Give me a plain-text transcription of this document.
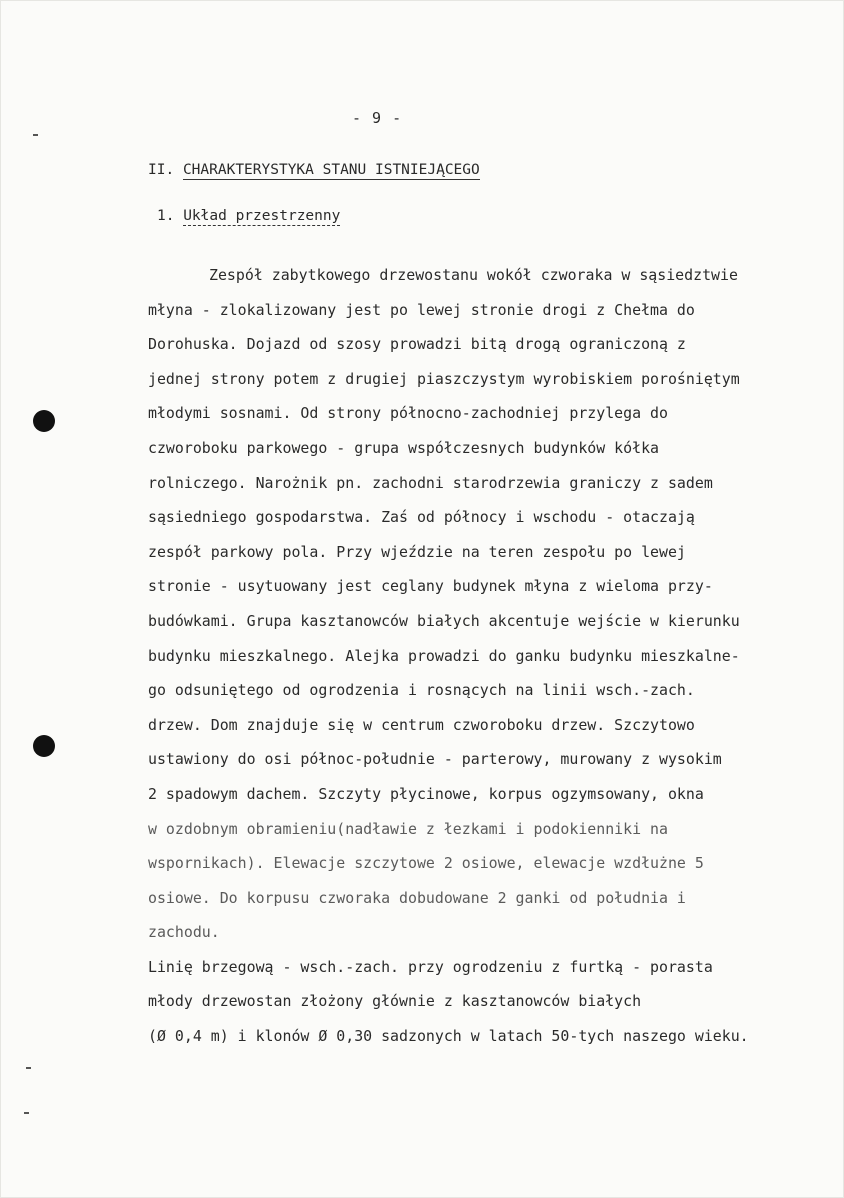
- 9 -
II. CHARAKTERYSTYKA STANU ISTNIEJĄCEGO
1. Układ przestrzenny
Zespół zabytkowego drzewostanu wokół czworaka w sąsiedztwie
młyna - zlokalizowany jest po lewej stronie drogi z Chełma do
Dorohuska. Dojazd od szosy prowadzi bitą drogą ograniczoną z
jednej strony potem z drugiej piaszczystym wyrobiskiem porośniętym
młodymi sosnami. Od strony północno-zachodniej przylega do
czworoboku parkowego - grupa współczesnych budynków kółka
rolniczego. Narożnik pn. zachodni starodrzewia graniczy z sadem
sąsiedniego gospodarstwa. Zaś od północy i wschodu - otaczają
zespół parkowy pola. Przy wjeździe na teren zespołu po lewej
stronie - usytuowany jest ceglany budynek młyna z wieloma przy-
budówkami. Grupa kasztanowców białych akcentuje wejście w kierunku
budynku mieszkalnego. Alejka prowadzi do ganku budynku mieszkalne-
go odsuniętego od ogrodzenia i rosnących na linii wsch.-zach.
drzew. Dom znajduje się w centrum czworoboku drzew. Szczytowo
ustawiony do osi północ-południe - parterowy, murowany z wysokim
2 spadowym dachem. Szczyty płycinowe, korpus ogzymsowany, okna
w ozdobnym obramieniu(nadławie z łezkami i podokienniki na
wspornikach). Elewacje szczytowe 2 osiowe, elewacje wzdłużne 5
osiowe. Do korpusu czworaka dobudowane 2 ganki od południa i
zachodu.
Linię brzegową - wsch.-zach. przy ogrodzeniu z furtką - porasta
młody drzewostan złożony głównie z kasztanowców białych
(Ø 0,4 m) i klonów Ø 0,30 sadzonych w latach 50-tych naszego wieku.
